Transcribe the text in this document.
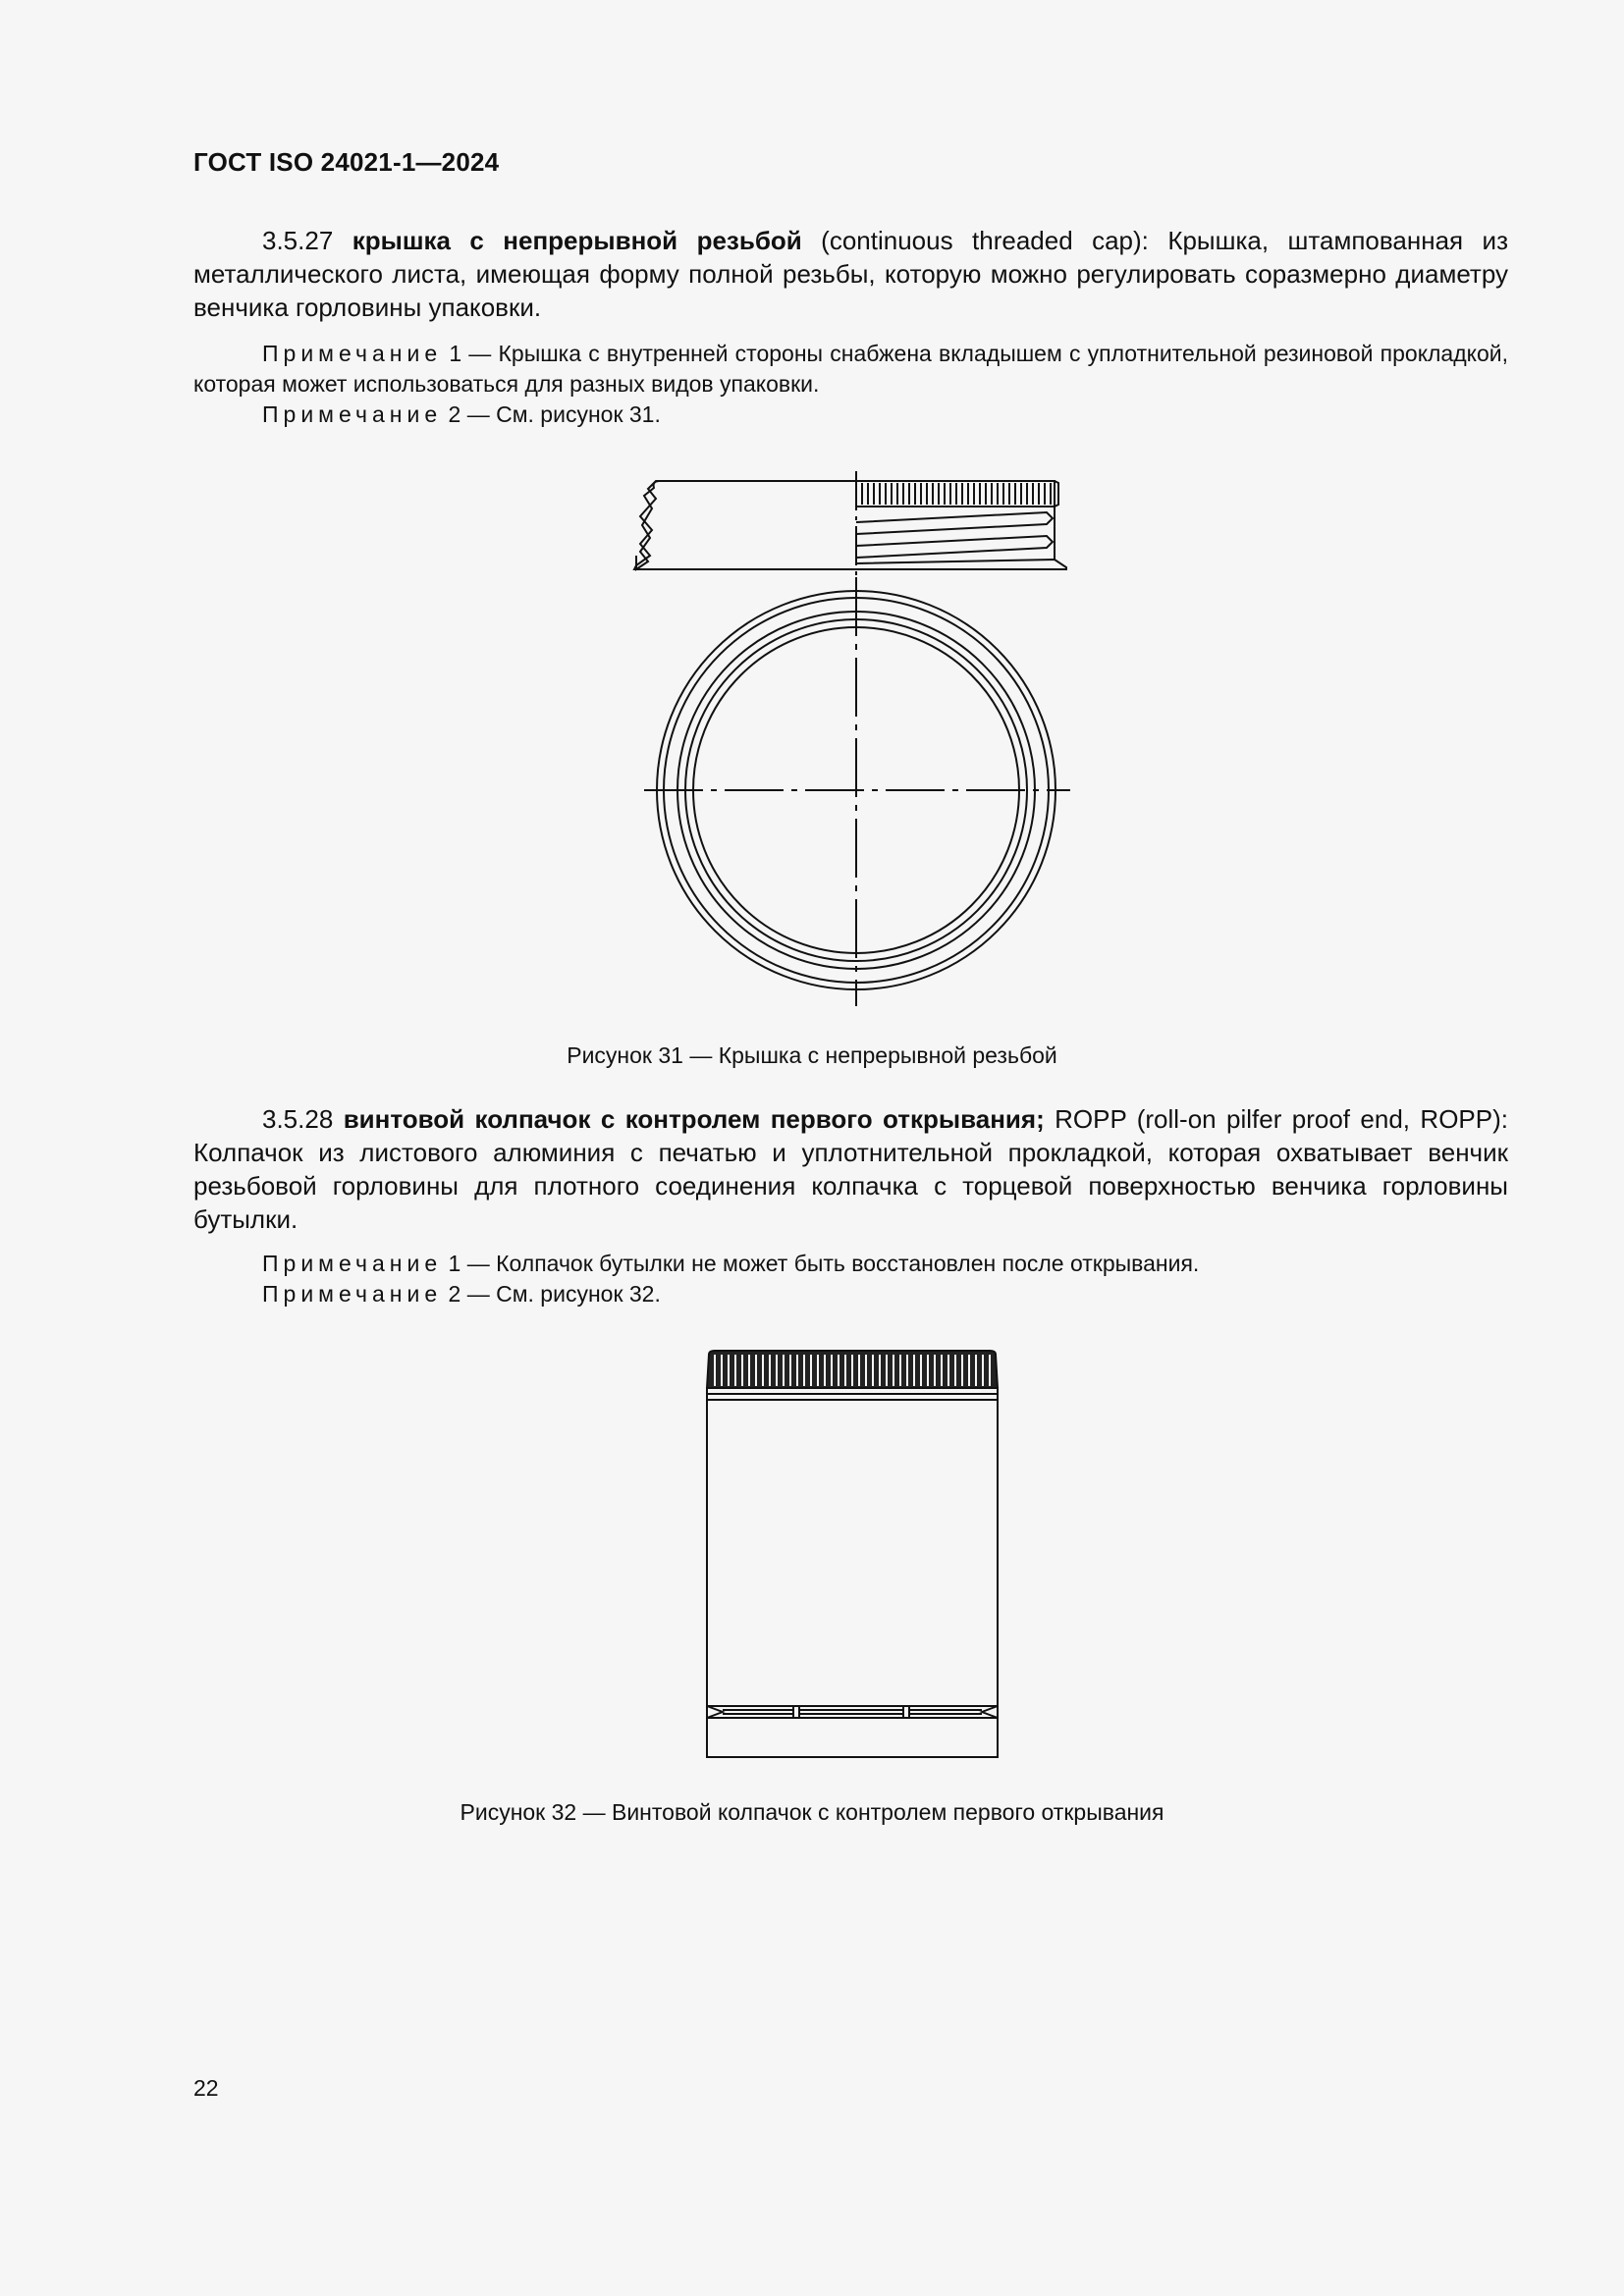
ГОСТ ISO 24021-1—2024
3.5.27 крышка с непрерывной резьбой (continuous threaded cap): Крышка, штампованная из металлического листа, имеющая форму полной резьбы, которую можно регулировать соразмерно диаметру венчика горловины упаковки.
Примечание 1 — Крышка с внутренней стороны снабжена вкладышем с уплотнительной резиновой прокладкой, которая может использоваться для разных видов упаковки.
Примечание 2 — См. рисунок 31.
Рисунок 31 — Крышка с непрерывной резьбой
3.5.28 винтовой колпачок с контролем первого открывания; ROPP (roll-on pilfer proof end, ROPP): Колпачок из листового алюминия с печатью и уплотнительной прокладкой, которая охватывает венчик резьбовой горловины для плотного соединения колпачка с торцевой поверхностью венчика горловины бутылки.
Примечание 1 — Колпачок бутылки не может быть восстановлен после открывания.
Примечание 2 — См. рисунок 32.
Рисунок 32 — Винтовой колпачок с контролем первого открывания
22
